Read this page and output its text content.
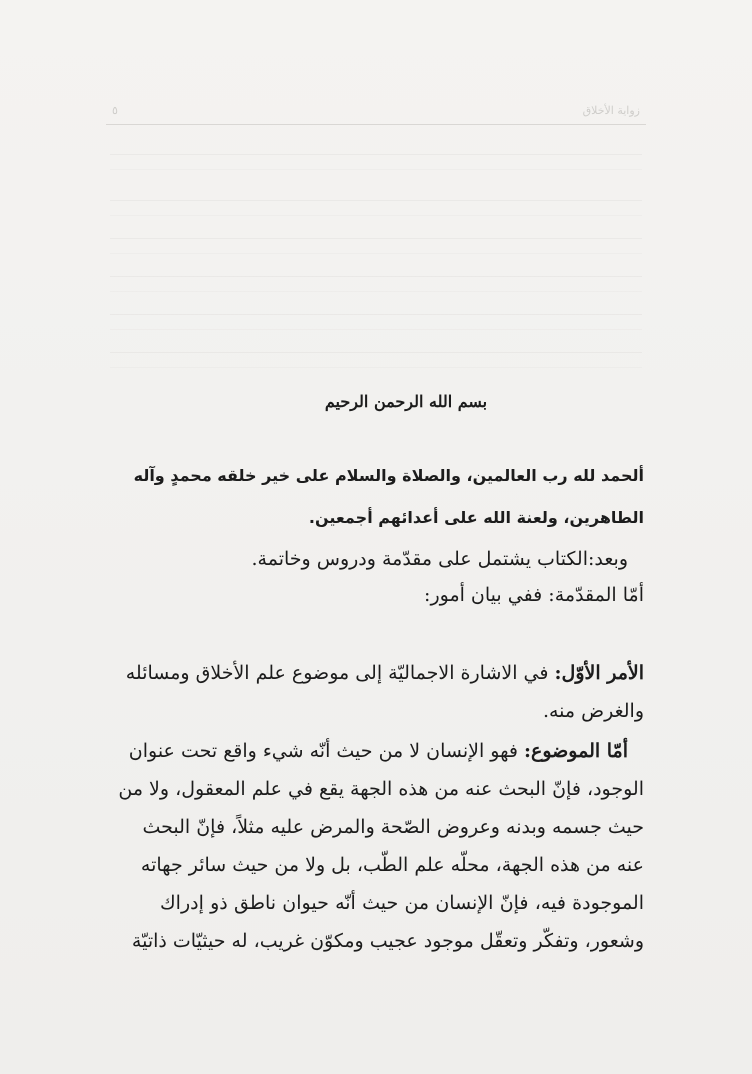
زواية الأخلاق
٥
بسم الله الرحمن الرحيم
ألحمد لله رب العالمين، والصلاة والسلام على خير خلقه محمدٍ وآله
الطاهرين، ولعنة الله على أعدائهم أجمعين.
وبعد:الكتاب يشتمل على مقدّمة ودروس وخاتمة.
أمّا المقدّمة: ففي بيان أمور:
الأمر الأوّل: في الاشارة الاجماليّة إلى موضوع علم الأخلاق ومسائله
والغرض منه.
أمّا الموضوع: فهو الإنسان لا من حيث أنّه شيء واقع تحت عنوان
الوجود، فإنّ البحث عنه من هذه الجهة يقع في علم المعقول، ولا من
حيث جسمه وبدنه وعروض الصّحة والمرض عليه مثلاً، فإنّ البحث
عنه من هذه الجهة، محلّه علم الطّب، بل ولا من حيث سائر جهاته
الموجودة فيه، فإنّ الإنسان من حيث أنّه حيوان ناطق ذو إدراك
وشعور، وتفكّر وتعقّل موجود عجيب ومكوّن غريب، له حيثيّات ذاتيّة
